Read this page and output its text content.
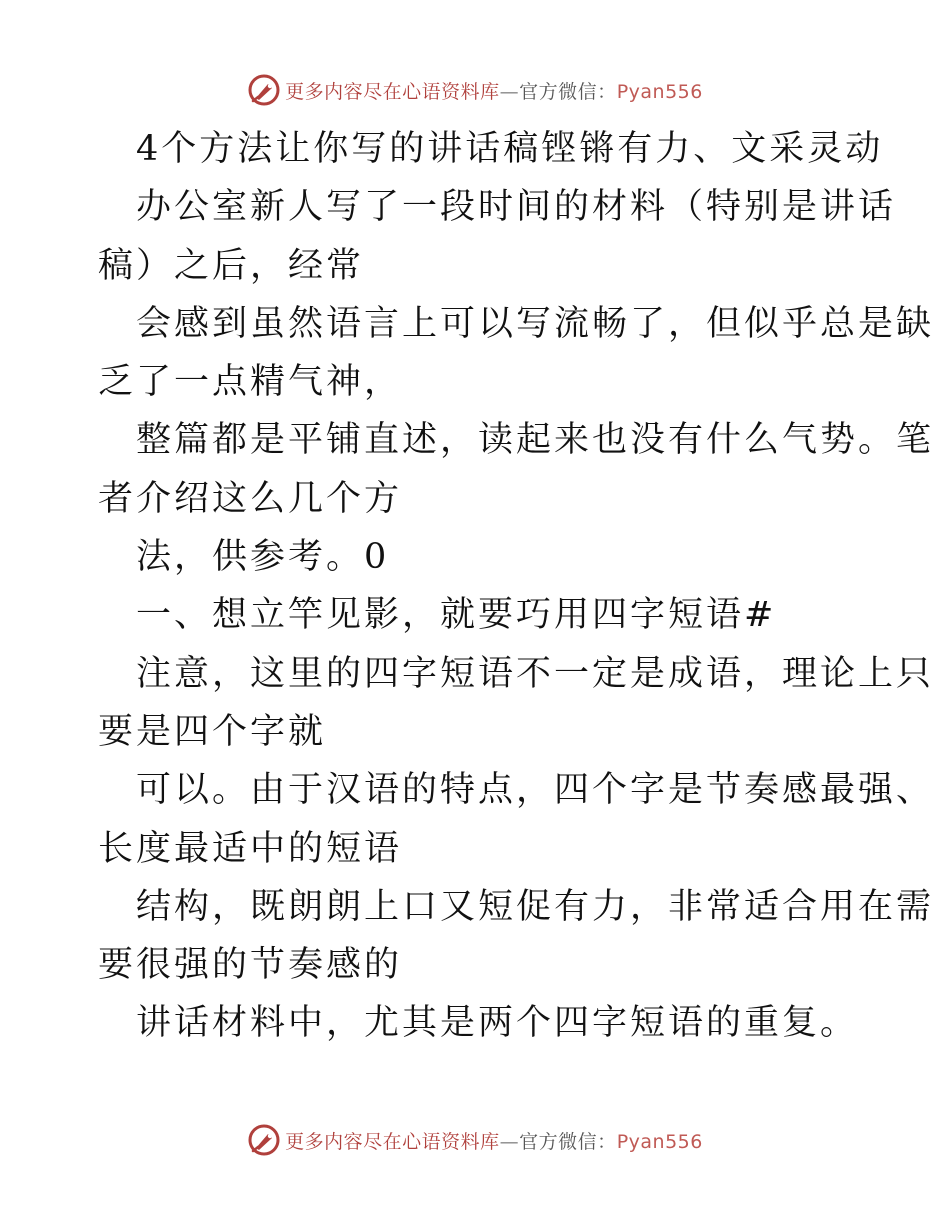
更多内容尽在心语资料库—官方微信：Pyan556
4个方法让你写的讲话稿铿锵有力、文采灵动
办公室新人写了一段时间的材料（特别是讲话
稿）之后，经常
会感到虽然语言上可以写流畅了，但似乎总是缺
乏了一点精气神，
整篇都是平铺直述，读起来也没有什么气势。笔
者介绍这么几个方
法，供参考。0
一、想立竿见影，就要巧用四字短语#
注意，这里的四字短语不一定是成语，理论上只
要是四个字就
可以。由于汉语的特点，四个字是节奏感最强、
长度最适中的短语
结构，既朗朗上口又短促有力，非常适合用在需
要很强的节奏感的
讲话材料中，尤其是两个四字短语的重复。
更多内容尽在心语资料库—官方微信：Pyan556
